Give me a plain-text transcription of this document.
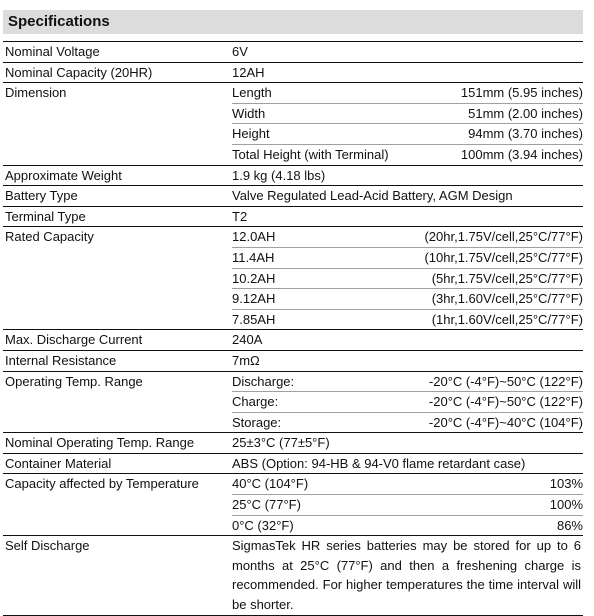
Specifications
Nominal Voltage	6V
Nominal Capacity (20HR)	12AH
Dimension	Length	151mm (5.95 inches)
Width	51mm (2.00 inches)
Height	94mm (3.70 inches)
Total Height (with Terminal)	100mm (3.94 inches)
Approximate Weight	1.9 kg (4.18 lbs)
Battery Type	Valve Regulated Lead-Acid Battery, AGM Design
Terminal Type	T2
Rated Capacity	12.0AH	(20hr,1.75V/cell,25°C/77°F)
11.4AH	(10hr,1.75V/cell,25°C/77°F)
10.2AH	(5hr,1.75V/cell,25°C/77°F)
9.12AH	(3hr,1.60V/cell,25°C/77°F)
7.85AH	(1hr,1.60V/cell,25°C/77°F)
Max. Discharge Current	240A
Internal Resistance	7mΩ
Operating Temp. Range	Discharge:	-20°C (-4°F)~50°C (122°F)
Charge:	-20°C (-4°F)~50°C (122°F)
Storage:	-20°C (-4°F)~40°C (104°F)
Nominal Operating Temp. Range	25±3°C (77±5°F)
Container Material	ABS (Option: 94-HB & 94-V0 flame retardant case)
Capacity affected by Temperature	40°C (104°F)	103%
25°C (77°F)	100%
0°C (32°F)	86%
Self Discharge	SigmasTek HR series batteries may be stored for up to 6 months at 25°C (77°F) and then a freshening charge is recommended. For higher temperatures the time interval will be shorter.
